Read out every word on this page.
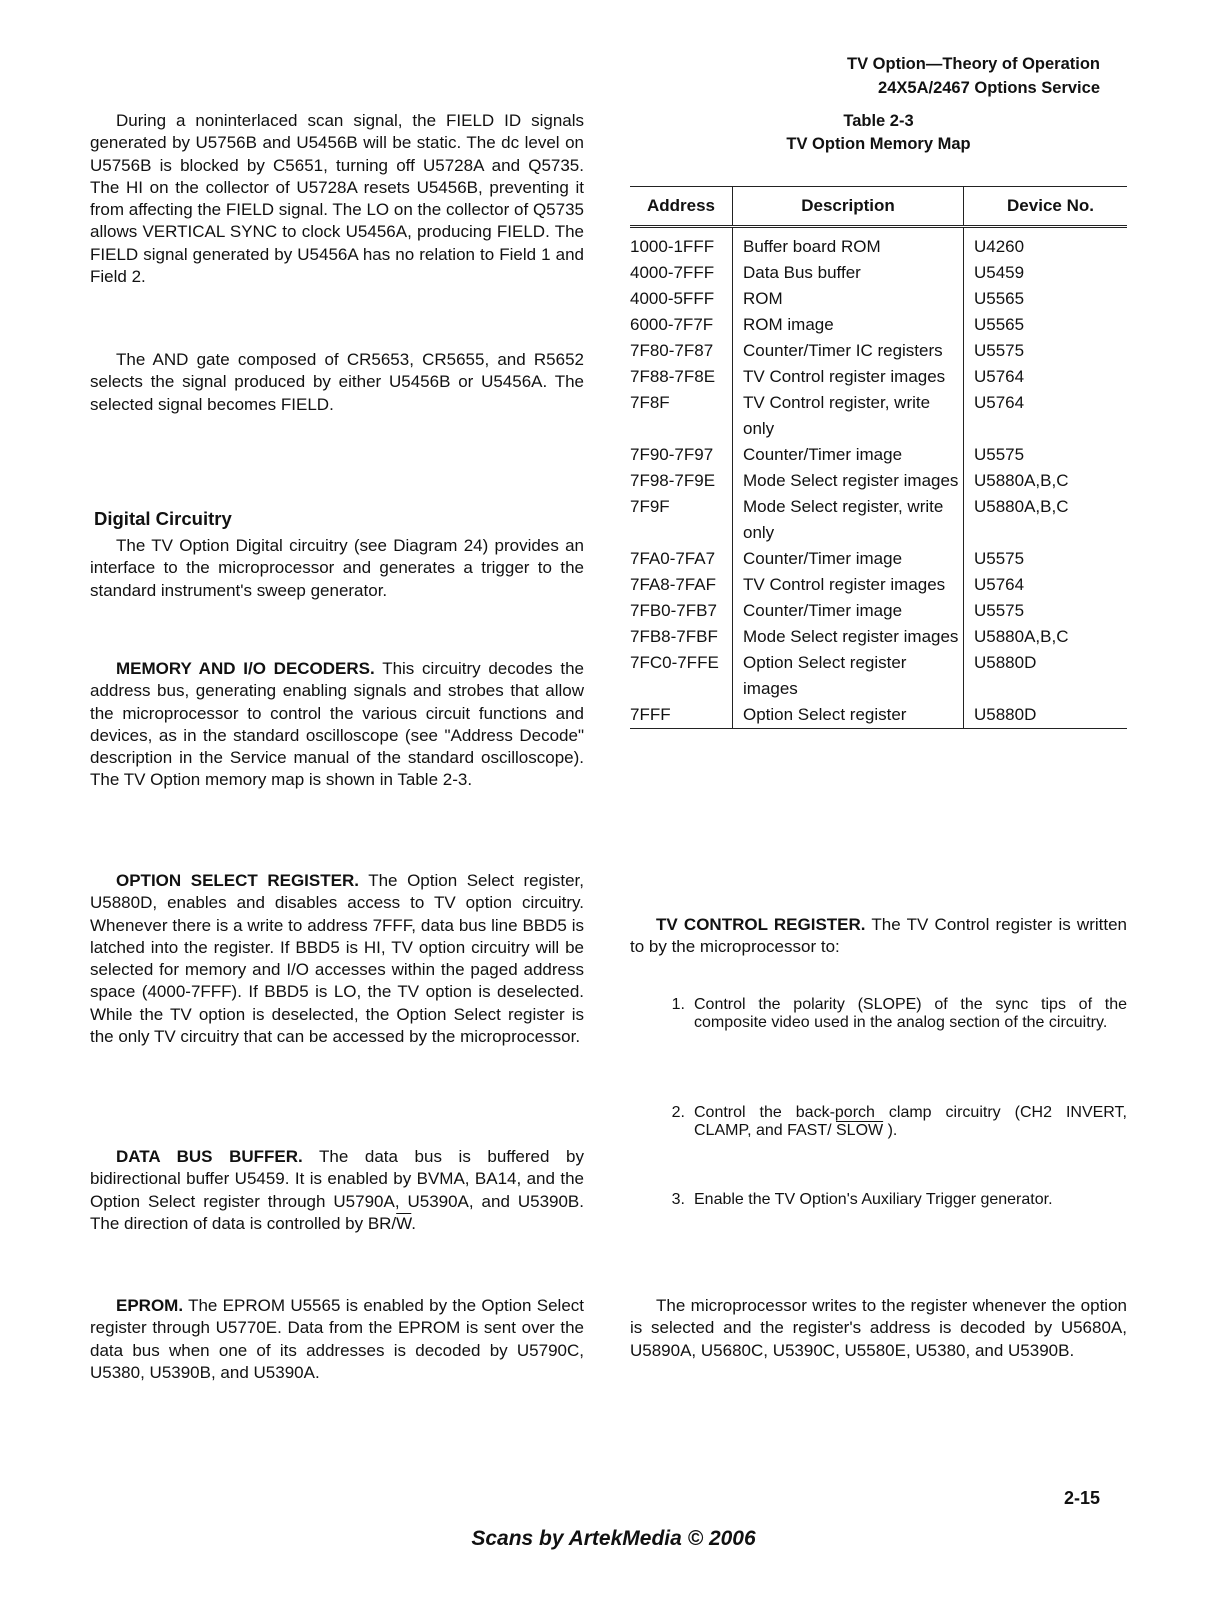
TV Option—Theory of Operation
24X5A/2467 Options Service

During a noninterlaced scan signal, the FIELD ID signals generated by U5756B and U5456B will be static. The dc level on U5756B is blocked by C5651, turning off U5728A and Q5735. The HI on the collector of U5728A resets U5456B, preventing it from affecting the FIELD signal. The LO on the collector of Q5735 allows VERTICAL SYNC to clock U5456A, producing FIELD. The FIELD signal generated by U5456A has no relation to Field 1 and Field 2.

The AND gate composed of CR5653, CR5655, and R5652 selects the signal produced by either U5456B or U5456A. The selected signal becomes FIELD.

Digital Circuitry

The TV Option Digital circuitry (see Diagram 24) provides an interface to the microprocessor and generates a trigger to the standard instrument's sweep generator.

MEMORY AND I/O DECODERS. This circuitry decodes the address bus, generating enabling signals and strobes that allow the microprocessor to control the various circuit functions and devices, as in the standard oscilloscope (see "Address Decode" description in the Service manual of the standard oscilloscope). The TV Option memory map is shown in Table 2-3.

OPTION SELECT REGISTER. The Option Select register, U5880D, enables and disables access to TV option circuitry. Whenever there is a write to address 7FFF, data bus line BBD5 is latched into the register. If BBD5 is HI, TV option circuitry will be selected for memory and I/O accesses within the paged address space (4000-7FFF). If BBD5 is LO, the TV option is deselected. While the TV option is deselected, the Option Select register is the only TV circuitry that can be accessed by the microprocessor.

DATA BUS BUFFER. The data bus is buffered by bidirectional buffer U5459. It is enabled by BVMA, BA14, and the Option Select register through U5790A, U5390A, and U5390B. The direction of data is controlled by $BR/\overline{W}$.

EPROM. The EPROM U5565 is enabled by the Option Select register through U5770E. Data from the EPROM is sent over the data bus when one of its addresses is decoded by U5790C, U5380, U5390B, and U5390A.

Table 2-3
TV Option Memory Map
Address	Description	Device No.
1000-1FFF	Buffer board ROM	U4260
4000-7FFF	Data Bus buffer	U5459
4000-5FFF	ROM	U5565
6000-7F7F	ROM image	U5565
7F80-7F87	Counter/Timer IC registers	U5575
7F88-7F8E	TV Control register images	U5764
7F8F	TV Control register, write only	U5764
7F90-7F97	Counter/Timer image	U5575
7F98-7F9E	Mode Select register images	U5880A,B,C
7F9F	Mode Select register, write only	U5880A,B,C
7FA0-7FA7	Counter/Timer image	U5575
7FA8-7FAF	TV Control register images	U5764
7FB0-7FB7	Counter/Timer image	U5575
7FB8-7FBF	Mode Select register images	U5880A,B,C
7FC0-7FFE	Option Select register images	U5880D
7FFF	Option Select register	U5880D

TV CONTROL REGISTER. The TV Control register is written to by the microprocessor to:

1. Control the polarity (SLOPE) of the sync tips of the composite video used in the analog section of the circuitry.
2. Control the back-porch clamp circuitry (CH2 INVERT, CLAMP, and FAST/ SLOW ).
3. Enable the TV Option's Auxiliary Trigger generator.

The microprocessor writes to the register whenever the option is selected and the register's address is decoded by U5680A, U5890A, U5680C, U5390C, U5580E, U5380, and U5390B.

2-15
Scans by ArtekMedia © 2006
